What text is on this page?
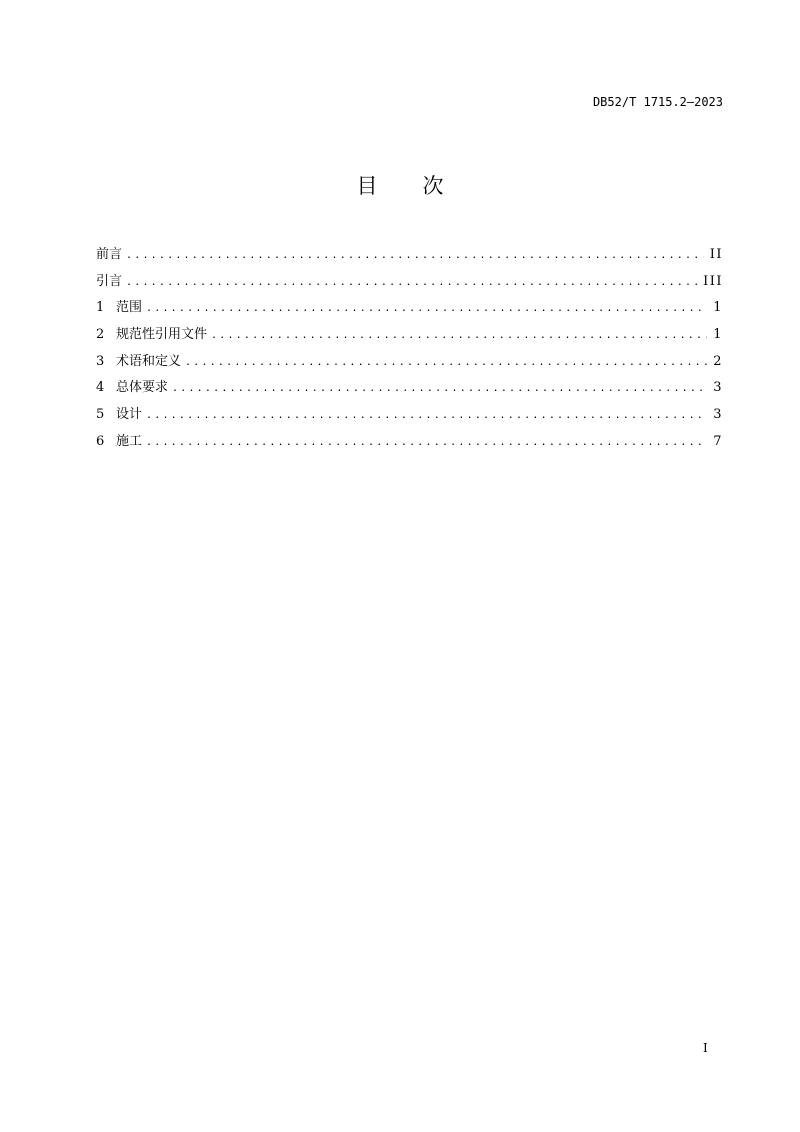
DB52/T 1715.2—2023
目次
前言 .....	II
引言 .....	III
1 范围 .....	1
2 规范性引用文件 .....	1
3 术语和定义 .....	2
4 总体要求 .....	3
5 设计 .....	3
6 施工 .....	7
I
